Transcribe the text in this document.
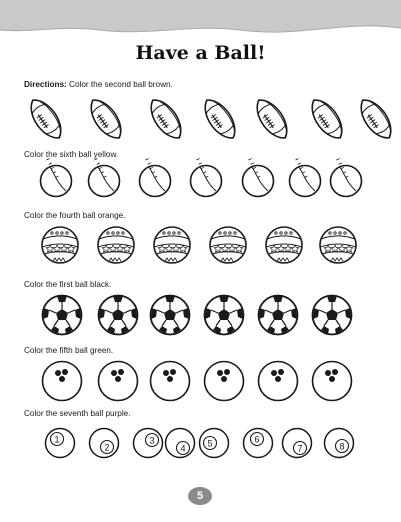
Have a Ball!
Directions: Color the second ball brown.
Color the sixth ball yellow.
Color the fourth ball orange.
Color the first ball black.
Color the fifth ball green.
Color the seventh ball purple.
1
2
3
4 5	6
7	8
5
